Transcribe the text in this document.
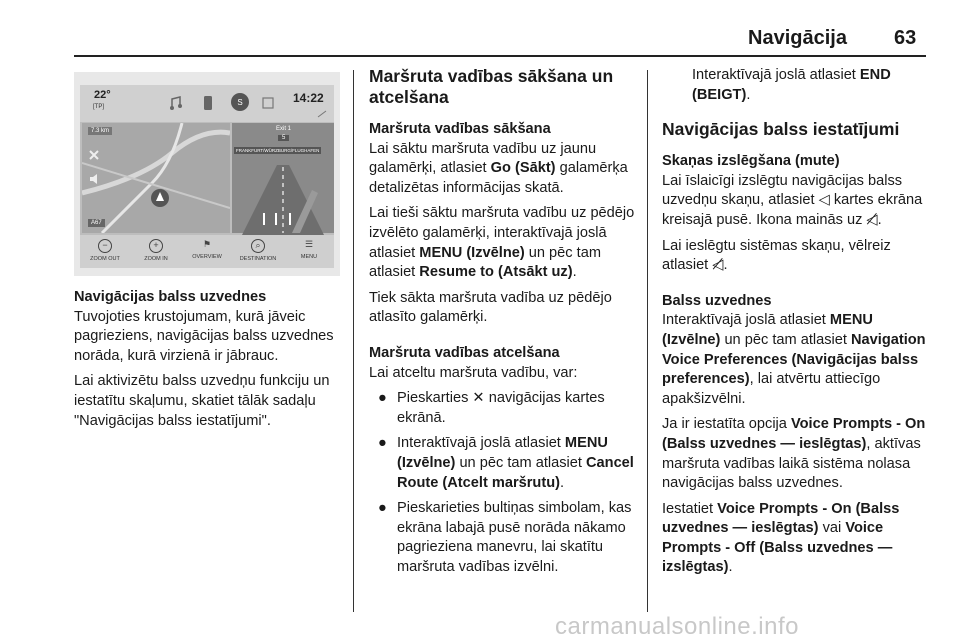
Navigācija 63
22°
[TP]	S	14:22
7.3 km
A67
Exit 1
5
FRANKFURT/WÜRZBURG/FLUGHAFEN
−
ZOOM OUT
+
ZOOM IN
⚑
OVERVIEW
⌕
DESTINATION
☰
MENU
Navigācijas balss uzvednes

Tuvojoties krustojumam, kurā jāveic pagrieziens, navigācijas balss uzvednes norāda, kurā virzienā ir jābrauc.

Lai aktivizētu balss uzvedņu funkciju un iestatītu skaļumu, skatiet tālāk sadaļu "Navigācijas balss iestatījumi".

Maršruta vadības sākšana un atcelšana
Maršruta vadības sākšana

Lai sāktu maršruta vadību uz jaunu galamērķi, atlasiet Go (Sākt) galamērķa detalizētas informācijas skatā.

Lai tieši sāktu maršruta vadību uz pēdējo izvēlēto galamērķi, interaktīvajā joslā atlasiet MENU (Izvēlne) un pēc tam atlasiet Resume to (Atsākt uz).

Tiek sākta maršruta vadība uz pēdējo atlasīto galamērķi.

Maršruta vadības atcelšana

Lai atceltu maršruta vadību, var:

● Pieskarties ✕ navigācijas kartes ekrānā.
● Interaktīvajā joslā atlasiet MENU (Izvēlne) un pēc tam atlasiet Cancel Route (Atcelt maršrutu).
● Pieskarieties bultiņas simbolam, kas ekrāna labajā pusē norāda nākamo pagrieziena manevru, lai skatītu maršruta vadības izvēlni.

Interaktīvajā joslā atlasiet END (BEIGT).

Navigācijas balss iestatījumi
Skaņas izslēgšana (mute)

Lai īslaicīgi izslēgtu navigācijas balss uzvedņu skaņu, atlasiet ◁ kartes ekrāna kreisajā pusē. Ikona mainās uz ◁̸.

Lai ieslēgtu sistēmas skaņu, vēlreiz atlasiet ◁̸.

Balss uzvednes

Interaktīvajā joslā atlasiet MENU (Izvēlne) un pēc tam atlasiet Navigation Voice Preferences (Navigācijas balss preferences), lai atvērtu attiecīgo apakšizvēlni.

Ja ir iestatīta opcija Voice Prompts - On (Balss uzvednes — ieslēgtas), aktīvas maršruta vadības laikā sistēma nolasa navigācijas balss uzvednes.

Iestatiet Voice Prompts - On (Balss uzvednes — ieslēgtas) vai Voice Prompts - Off (Balss uzvednes — izslēgtas).

carmanualsonline.info
